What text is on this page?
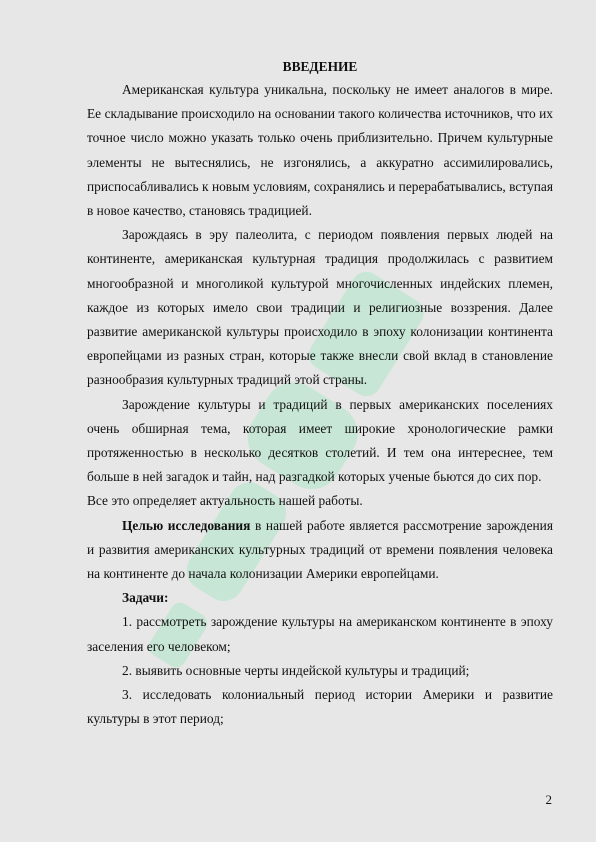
ВВЕДЕНИЕ

Американская культура уникальна, поскольку не имеет аналогов в мире. Ее складывание происходило на основании такого количества источников, что их точное число можно указать только очень приблизительно. Причем культурные элементы не вытеснялись, не изгонялись, а аккуратно ассимилировались, приспосабливались к новым условиям, сохранялись и перерабатывались, вступая в новое качество, становясь традицией.

Зарождаясь в эру палеолита, с периодом появления первых людей на континенте, американская культурная традиция продолжилась с развитием многообразной и многоликой культурой многочисленных индейских племен, каждое из которых имело свои традиции и религиозные воззрения. Далее развитие американской культуры происходило в эпоху колонизации континента европейцами из разных стран, которые также внесли свой вклад в становление разнообразия культурных традиций этой страны.

Зарождение культуры и традиций в первых американских поселениях очень обширная тема, которая имеет широкие хронологические рамки протяженностью в несколько десятков столетий. И тем она интереснее, тем больше в ней загадок и тайн, над разгадкой которых ученые бьются до сих пор.

Все это определяет актуальность нашей работы.

Целью исследования в нашей работе является рассмотрение зарождения и развития американских культурных традиций от времени появления человека на континенте до начала колонизации Америки европейцами.

Задачи:

1. рассмотреть зарождение культуры на американском континенте в эпоху заселения его человеком;

2. выявить основные черты индейской культуры и традиций;

3. исследовать колониальный период истории Америки и развитие культуры в этот период;

2
